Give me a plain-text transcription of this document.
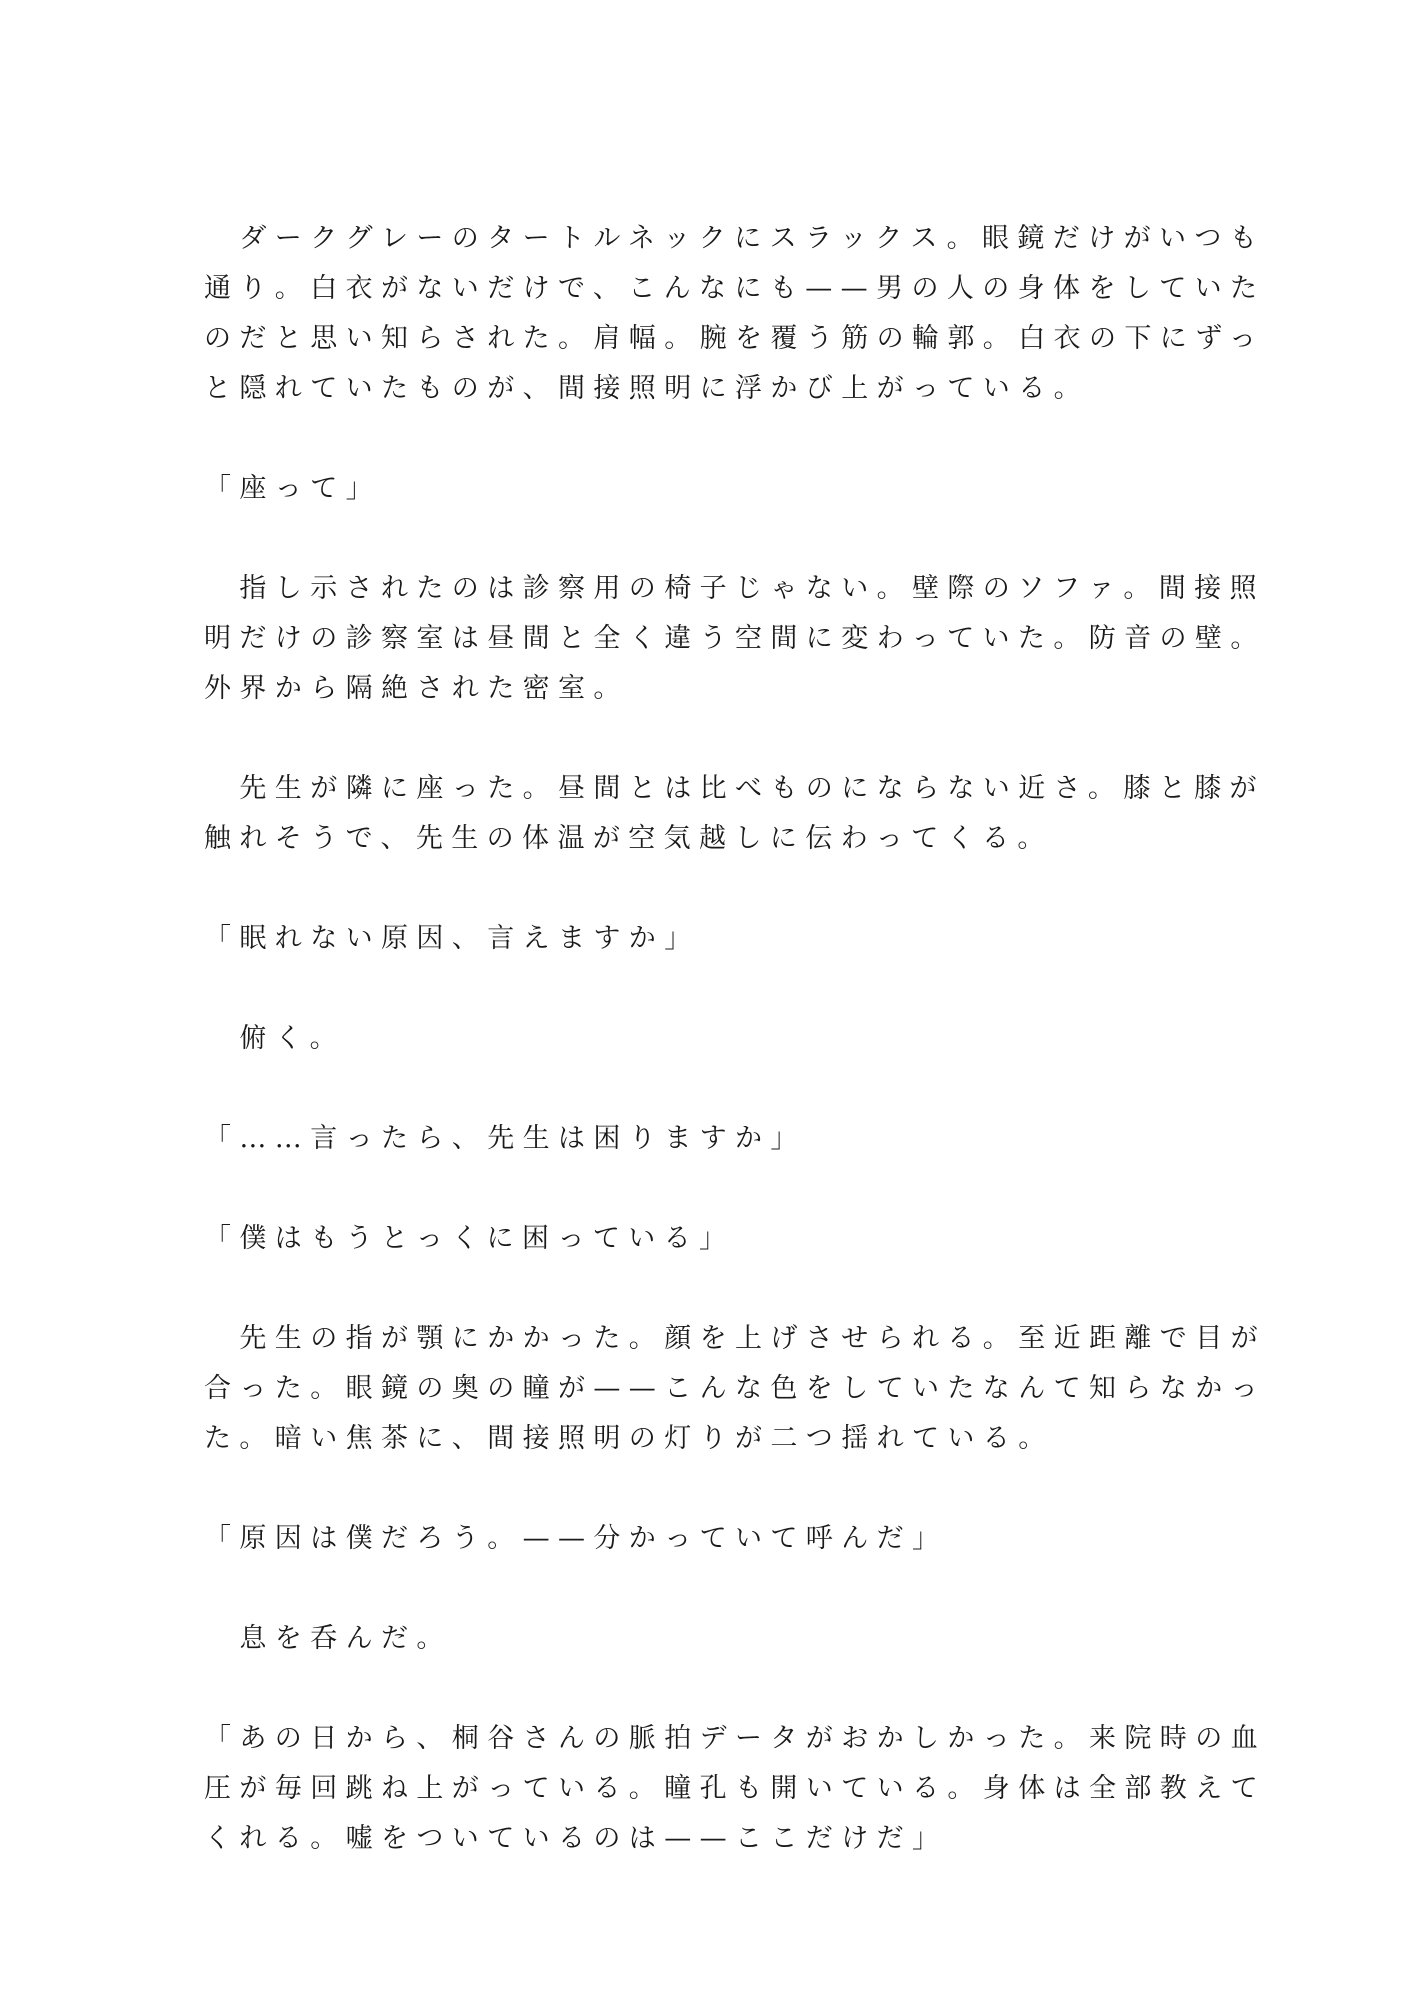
　ダークグレーのタートルネックにスラックス。眼鏡だけがいつも
通り。白衣がないだけで、こんなにも——男の人の身体をしていた
のだと思い知らされた。肩幅。腕を覆う筋の輪郭。白衣の下にずっ
と隠れていたものが、間接照明に浮かび上がっている。
「座って」
　指し示されたのは診察用の椅子じゃない。壁際のソファ。間接照
明だけの診察室は昼間と全く違う空間に変わっていた。防音の壁。
外界から隔絶された密室。
　先生が隣に座った。昼間とは比べものにならない近さ。膝と膝が
触れそうで、先生の体温が空気越しに伝わってくる。
「眠れない原因、言えますか」
　俯く。
「……言ったら、先生は困りますか」
「僕はもうとっくに困っている」
　先生の指が顎にかかった。顔を上げさせられる。至近距離で目が
合った。眼鏡の奥の瞳が——こんな色をしていたなんて知らなかっ
た。暗い焦茶に、間接照明の灯りが二つ揺れている。
「原因は僕だろう。——分かっていて呼んだ」
　息を呑んだ。
「あの日から、桐谷さんの脈拍データがおかしかった。来院時の血
圧が毎回跳ね上がっている。瞳孔も開いている。身体は全部教えて
くれる。嘘をついているのは——ここだけだ」
